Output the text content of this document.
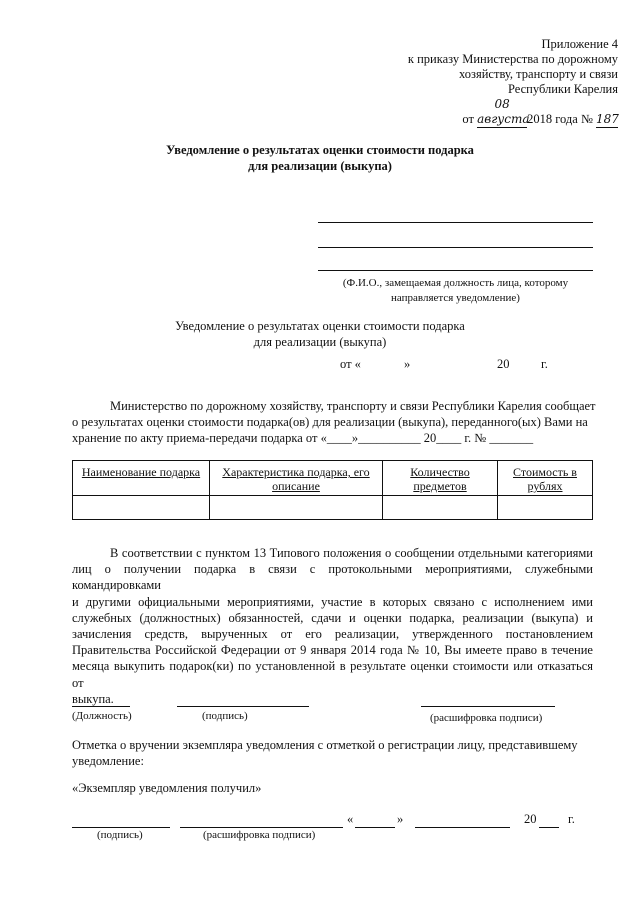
Приложение 4
к приказу Министерства по дорожному
хозяйству, транспорту и связи
Республики Карелия
от 08 августа2018 года № 187
Уведомление о результатах оценки стоимости подарка
для реализации (выкупа)
(Ф.И.О., замещаемая должность лица, которому
направляется уведомление)
Уведомление о результатах оценки стоимости подарка
для реализации (выкупа)
от «	»	20	г.
Министерство по дорожному хозяйству, транспорту и связи Республики Карелия сообщает
о результатах оценки стоимости подарка(ов) для реализации (выкупа), переданного(ых) Вами на
хранение по акту приема-передачи подарка от «____»__________ 20____ г. № _______
Наименование подарка	Характеристика подарка, его описание	Количество предметов	Стоимость в рублях

В соответствии с пунктом 13 Типового положения о сообщении отдельными категориями
лиц о получении подарка в связи с протокольными мероприятиями, служебными командировками
и другими официальными мероприятиями, участие в которых связано с исполнением ими
служебных (должностных) обязанностей, сдачи и оценки подарка, реализации (выкупа) и
зачисления средств, вырученных от его реализации, утвержденного постановлением
Правительства Российской Федерации от 9 января 2014 года № 10, Вы имеете право в течение
месяца выкупить подарок(ки) по установленной в результате оценки стоимости или отказаться от
выкупа.
(Должность)	(подпись)	(расшифровка подписи)
Отметка о вручении экземпляра уведомления с отметкой о регистрации лицу, представившему
уведомление:
«Экземпляр уведомления получил»
«	»	20	г.
(подпись)	(расшифровка подписи)
